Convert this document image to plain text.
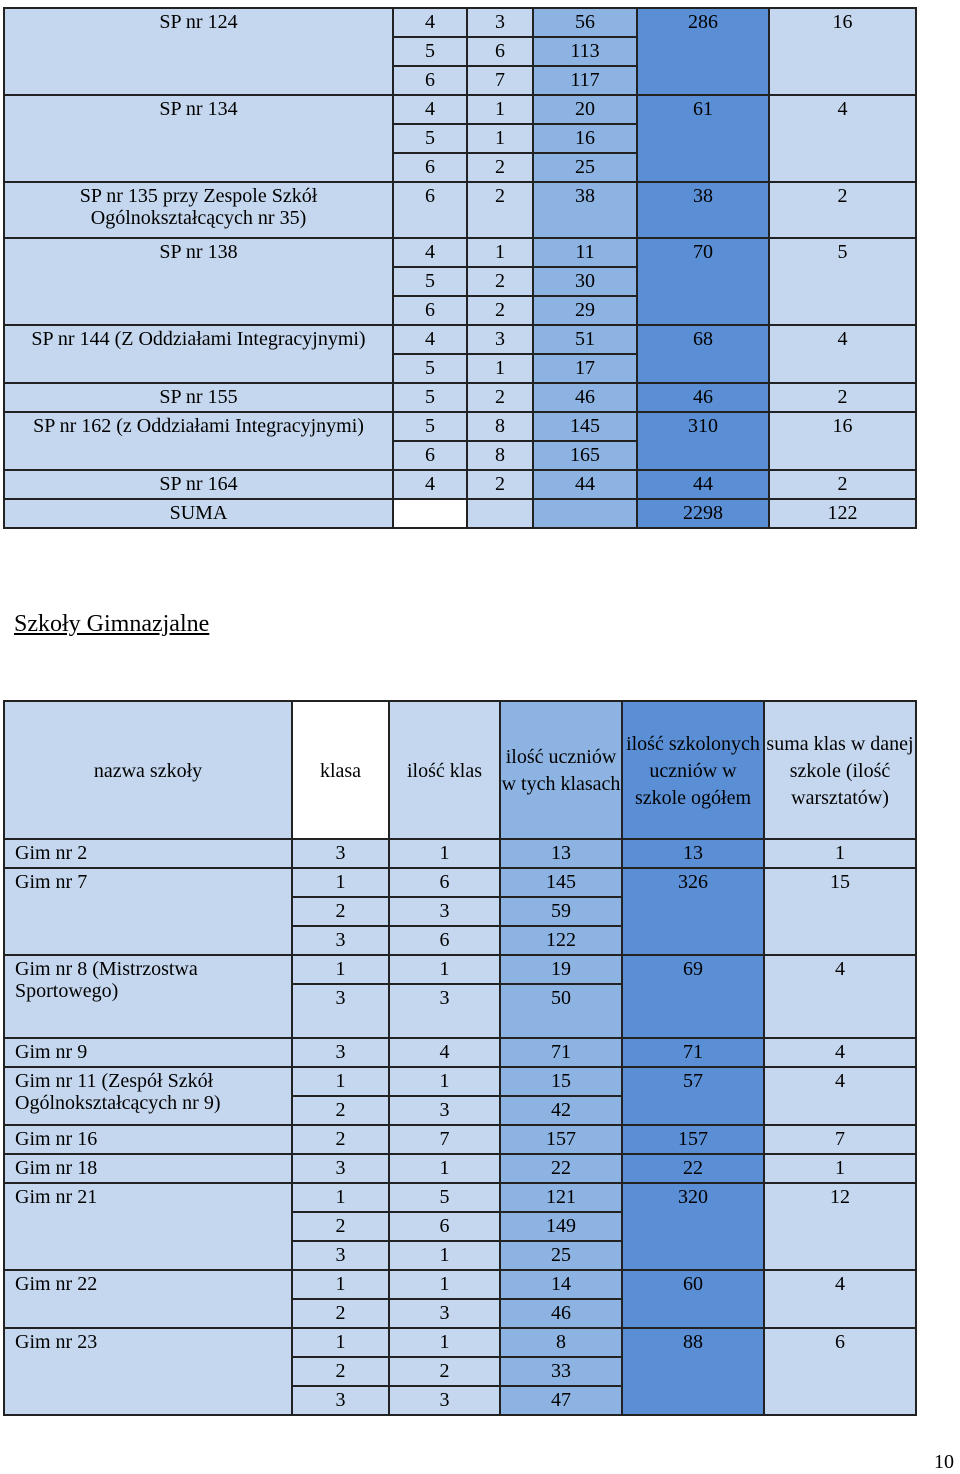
SP nr 124	4	3	56	286	16
	5	6	113		
	6	7	117		
SP nr 134	4	1	20	61	4
	5	1	16		
	6	2	25		
SP nr 135 przy Zespole Szkół Ogólnokształcących nr 35)	6	2	38	38	2
SP nr 138	4	1	11	70	5
	5	2	30		
	6	2	29		
SP nr 144 (Z Oddziałami Integracyjnymi)	4	3	51	68	4
	5	1	17		
SP nr 155	5	2	46	46	2
SP nr 162 (z Oddziałami Integracyjnymi)	5	8	145	310	16
	6	8	165		
SP nr 164	4	2	44	44	2
SUMA				2298	122
Szkoły Gimnazjalne
nazwa szkoły	klasa	ilość klas	ilość uczniów w tych klasach	ilość szkolonych uczniów w szkole ogółem	suma klas w danej szkole (ilość warsztatów)
Gim nr 2	3	1	13	13	1
Gim nr 7	1	6	145	326	15
	2	3	59		
	3	6	122		
Gim nr 8 (Mistrzostwa Sportowego)	1	1	19	69	4
	3	3	50		
Gim nr 9	3	4	71	71	4
Gim nr 11 (Zespół Szkół Ogólnokształcących nr 9)	1	1	15	57	4
	2	3	42		
Gim nr 16	2	7	157	157	7
Gim nr 18	3	1	22	22	1
Gim nr 21	1	5	121	320	12
	2	6	149		
	3	1	25		
Gim nr 22	1	1	14	60	4
	2	3	46		
Gim nr 23	1	1	8	88	6
	2	2	33		
	3	3	47		
10
